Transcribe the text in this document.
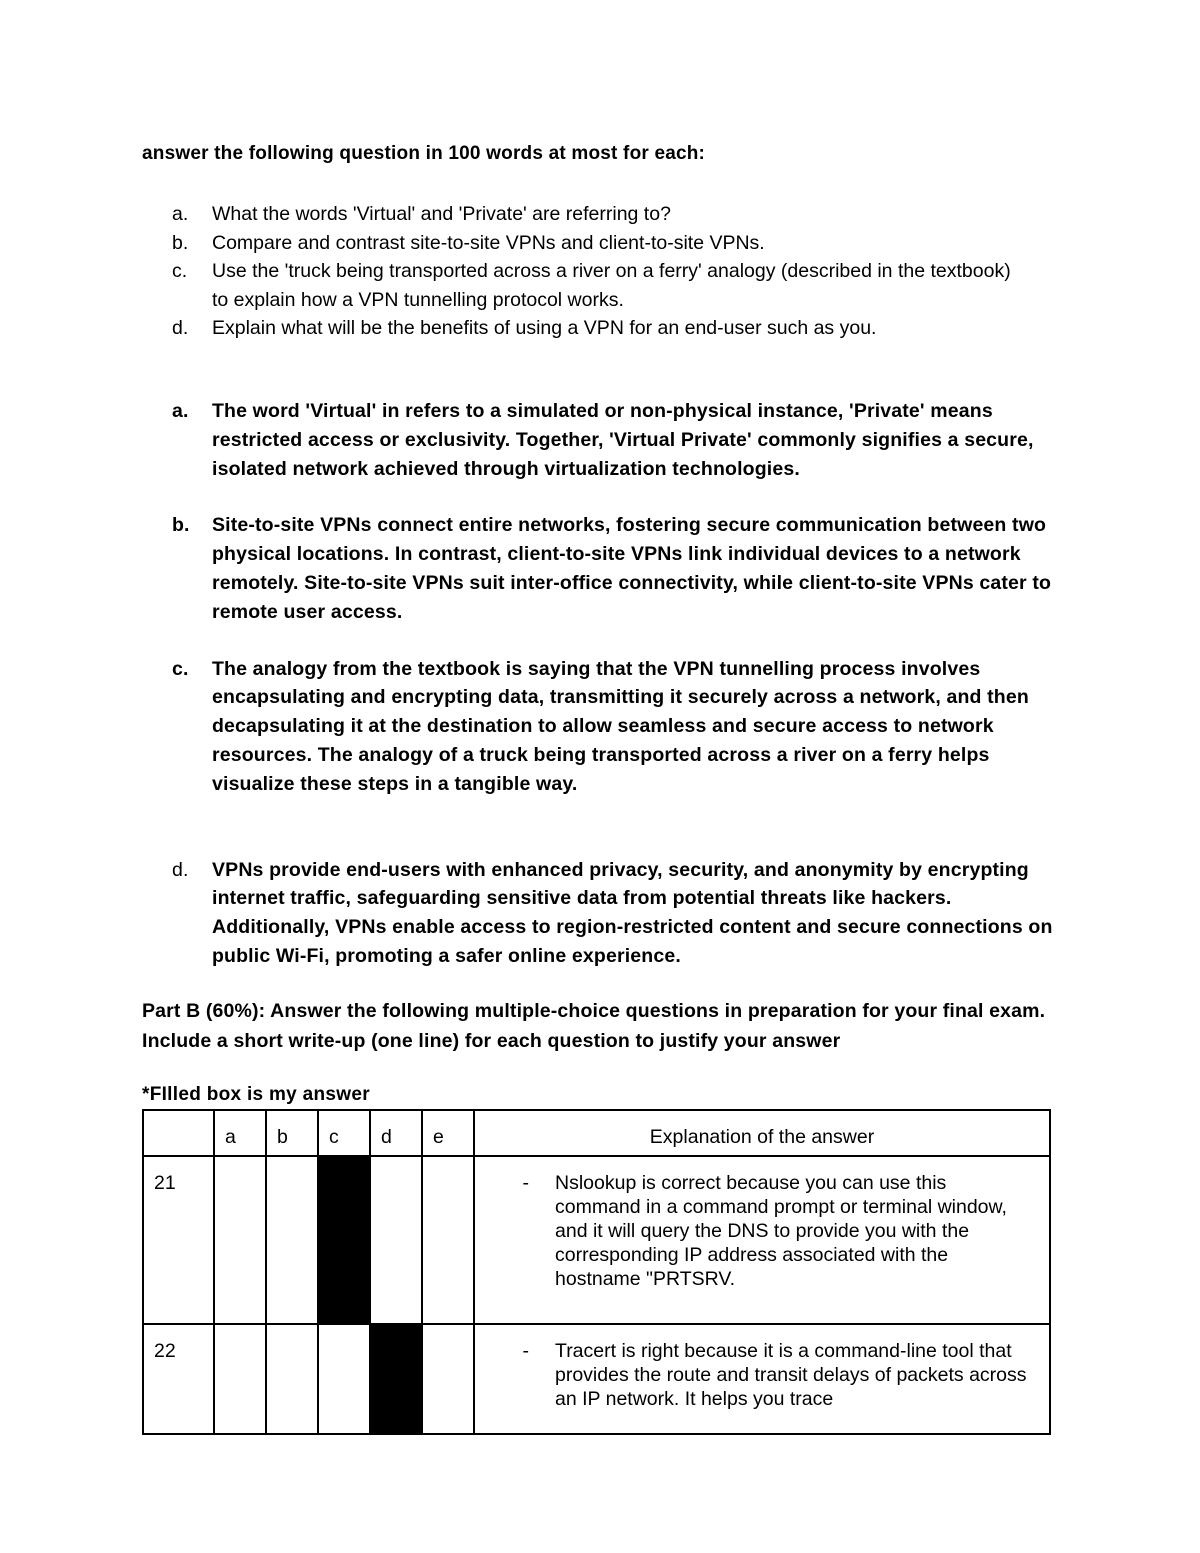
answer the following question in 100 words at most for each:
a.	What the words 'Virtual' and 'Private' are referring to?
b.	Compare and contrast site-to-site VPNs and client-to-site VPNs.
c.	Use the 'truck being transported across a river on a ferry' analogy (described in the textbook) to explain how a VPN tunnelling protocol works.
d.	Explain what will be the benefits of using a VPN for an end-user such as you.
a.	The word 'Virtual' in refers to a simulated or non-physical instance, 'Private' means restricted access or exclusivity. Together, 'Virtual Private' commonly signifies a secure, isolated network achieved through virtualization technologies.
b.	Site-to-site VPNs connect entire networks, fostering secure communication between two physical locations. In contrast, client-to-site VPNs link individual devices to a network remotely. Site-to-site VPNs suit inter-office connectivity, while client-to-site VPNs cater to remote user access.
c.	The analogy from the textbook is saying that the VPN tunnelling process involves encapsulating and encrypting data, transmitting it securely across a network, and then decapsulating it at the destination to allow seamless and secure access to network resources. The analogy of a truck being transported across a river on a ferry helps visualize these steps in a tangible way.
d.	VPNs provide end-users with enhanced privacy, security, and anonymity by encrypting internet traffic, safeguarding sensitive data from potential threats like hackers. Additionally, VPNs enable access to region-restricted content and secure connections on public Wi-Fi, promoting a safer online experience.
Part B (60%): Answer the following multiple-choice questions in preparation for your final exam. Include a short write-up (one line) for each question to justify your answer
*FIlled box is my answer
	a	b	c	d	e	Explanation of the answer
21						- Nslookup is correct because you can use this command in a command prompt or terminal window, and it will query the DNS to provide you with the corresponding IP address associated with the hostname "PRTSRV.

22						- Tracert is right because it is a command-line tool that provides the route and transit delays of packets across an IP network. It helps you trace
